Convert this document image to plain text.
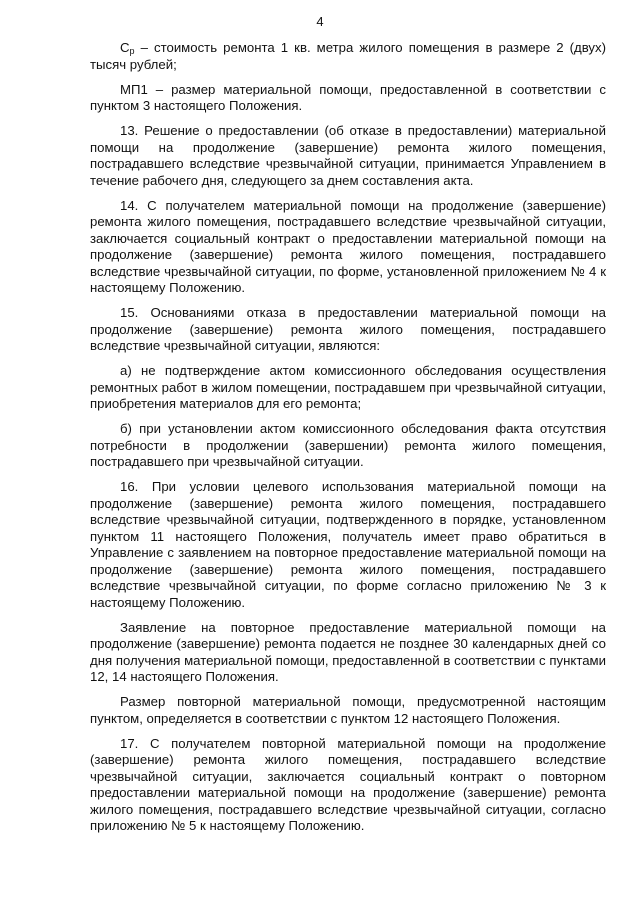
4

$С_р$ – стоимость ремонта 1 кв. метра жилого помещения в размере 2 (двух) тысяч рублей;

МП1 – размер материальной помощи, предоставленной в соответствии с пунктом 3 настоящего Положения.

13. Решение о предоставлении (об отказе в предоставлении) материальной помощи на продолжение (завершение) ремонта жилого помещения, пострадавшего вследствие чрезвычайной ситуации, принимается Управлением в течение рабочего дня, следующего за днем составления акта.

14. С получателем материальной помощи на продолжение (завершение) ремонта жилого помещения, пострадавшего вследствие чрезвычайной ситуации, заключается социальный контракт о предоставлении материальной помощи на продолжение (завершение) ремонта жилого помещения, пострадавшего вследствие чрезвычайной ситуации, по форме, установленной приложением № 4 к настоящему Положению.

15. Основаниями отказа в предоставлении материальной помощи на продолжение (завершение) ремонта жилого помещения, пострадавшего вследствие чрезвычайной ситуации, являются:

а) не подтверждение актом комиссионного обследования осуществления ремонтных работ в жилом помещении, пострадавшем при чрезвычайной ситуации, приобретения материалов для его ремонта;

б) при установлении актом комиссионного обследования факта отсутствия потребности в продолжении (завершении) ремонта жилого помещения, пострадавшего при чрезвычайной ситуации.

16. При условии целевого использования материальной помощи на продолжение (завершение) ремонта жилого помещения, пострадавшего вследствие чрезвычайной ситуации, подтвержденного в порядке, установленном пунктом 11 настоящего Положения, получатель имеет право обратиться в Управление с заявлением на повторное предоставление материальной помощи на продолжение (завершение) ремонта жилого помещения, пострадавшего вследствие чрезвычайной ситуации, по форме согласно приложению № 3 к настоящему Положению.

Заявление на повторное предоставление материальной помощи на продолжение (завершение) ремонта подается не позднее 30 календарных дней со дня получения материальной помощи, предоставленной в соответствии с пунктами 12, 14 настоящего Положения.

Размер повторной материальной помощи, предусмотренной настоящим пунктом, определяется в соответствии с пунктом 12 настоящего Положения.

17. С получателем повторной материальной помощи на продолжение (завершение) ремонта жилого помещения, пострадавшего вследствие чрезвычайной ситуации, заключается социальный контракт о повторном предоставлении материальной помощи на продолжение (завершение) ремонта жилого помещения, пострадавшего вследствие чрезвычайной ситуации, согласно приложению № 5 к настоящему Положению.
